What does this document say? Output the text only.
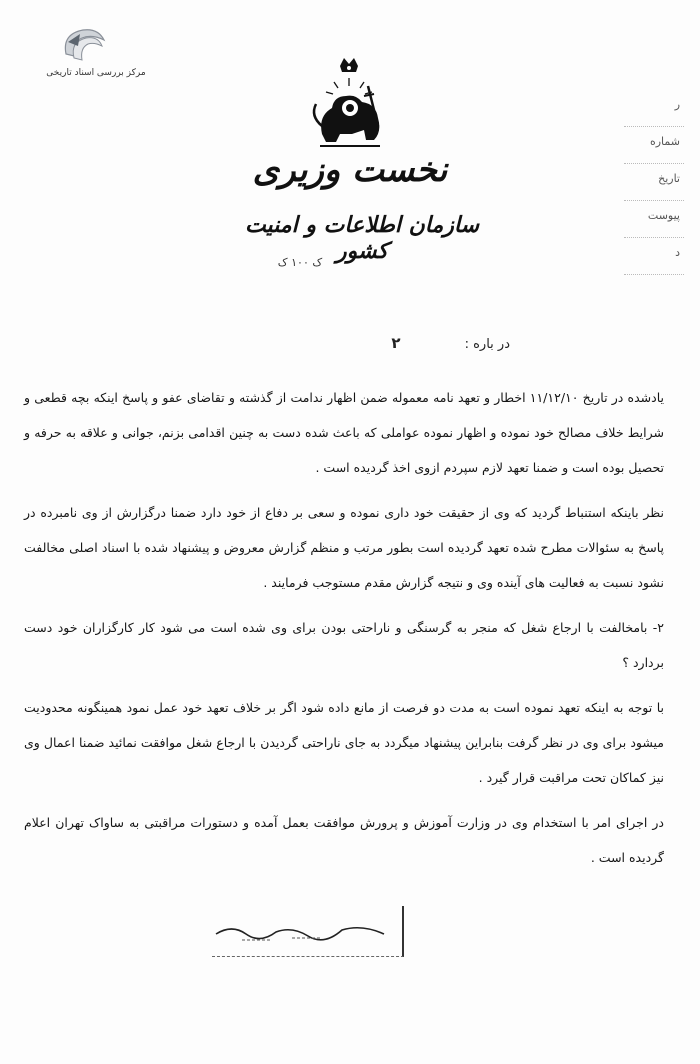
مرکز بررسی اسناد تاریخی
نخست وزیری
سازمان اطلاعات و امنیت کشور
ک ۱۰۰ ک
ر
شماره
تاریخ
پیوست
د
در باره : ۲

یادشده در تاریخ ۱۱/۱۲/۱۰ اخطار و تعهد نامه معموله ضمن اظهار ندامت از گذشته و تقاضای عفو و پاسخ اینکه بچه قطعی و شرایط خلاف مصالح خود نموده و اظهار نموده عواملی که باعث شده دست به چنین اقدامی بزنم، جوانی و علاقه به حرفه و تحصیل بوده است و ضمنا تعهد لازم سپردم ازوی اخذ گردیده است .

نظر باینکه استنباط گردید که وی از حقیقت خود داری نموده و سعی بر دفاع از خود دارد ضمنا درگزارش از وی نامبرده در پاسخ به سئوالات مطرح شده تعهد گردیده است بطور مرتب و منظم گزارش معروض و پیشنهاد شده با اسناد اصلی مخالفت نشود نسبت به فعالیت های آینده وی و نتیجه گزارش مقدم مستوجب فرمایند .

۲- بامخالفت با ارجاع شغل که منجر به گرسنگی و ناراحتی بودن برای وی شده است می شود کار کارگزاران خود دست بردارد ؟

با توجه به اینکه تعهد نموده است به مدت دو فرصت از مانع داده شود اگر بر خلاف تعهد خود عمل نمود همینگونه محدودیت میشود برای وی در نظر گرفت بنابراین پیشنهاد میگردد به جای ناراحتی گردیدن با ارجاع شغل موافقت نمائید ضمنا اعمال وی نیز کماکان تحت مراقبت قرار گیرد .

در اجرای امر با استخدام وی در وزارت آموزش و پرورش موافقت بعمل آمده و دستورات مراقبتی به ساواک تهران اعلام گردیده است .
